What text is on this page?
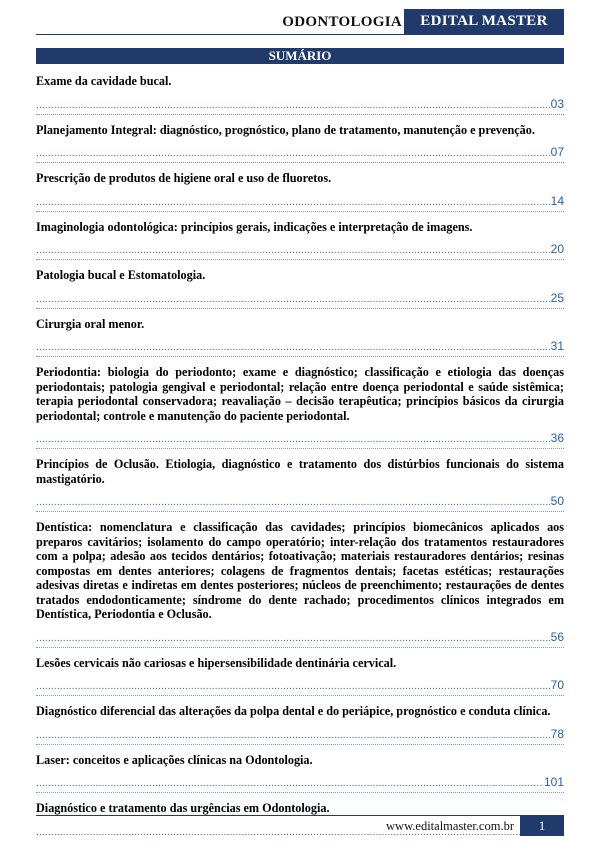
ODONTOLOGIA	EDITAL MASTER
SUMÁRIO

Exame da cavidade bucal.

.....
03

Planejamento Integral: diagnóstico, prognóstico, plano de tratamento, manutenção e prevenção.

.....
07

Prescrição de produtos de higiene oral e uso de fluoretos.

.....
14

Imaginologia odontológica: princípios gerais, indicações e interpretação de imagens.

.....
20

Patologia bucal e Estomatologia.

.....
25

Cirurgia oral menor.

.....
31

Periodontia: biologia do periodonto; exame e diagnóstico; classificação e etiologia das doenças periodontais; patologia gengival e periodontal; relação entre doença periodontal e saúde sistêmica; terapia periodontal conservadora; reavaliação – decisão terapêutica; princípios básicos da cirurgia periodontal; controle e manutenção do paciente periodontal.

.....
36

Princípios de Oclusão. Etiologia, diagnóstico e tratamento dos distúrbios funcionais do sistema mastigatório.

.....
50

Dentística: nomenclatura e classificação das cavidades; princípios biomecânicos aplicados aos preparos cavitários; isolamento do campo operatório; inter-relação dos tratamentos restauradores com a polpa; adesão aos tecidos dentários; fotoativação; materiais restauradores dentários; resinas compostas em dentes anteriores; colagens de fragmentos dentais; facetas estéticas; restaurações adesivas diretas e indiretas em dentes posteriores; núcleos de preenchimento; restaurações de dentes tratados endodonticamente; síndrome do dente rachado; procedimentos clínicos integrados em Dentística, Periodontia e Oclusão.

.....
56

Lesões cervicais não cariosas e hipersensibilidade dentinária cervical.

.....
70

Diagnóstico diferencial das alterações da polpa dental e do periápice, prognóstico e conduta clínica.

.....
78

Laser: conceitos e aplicações clínicas na Odontologia.

.....
101

Diagnóstico e tratamento das urgências em Odontologia.

.....
www.editalmaster.com.br	1
